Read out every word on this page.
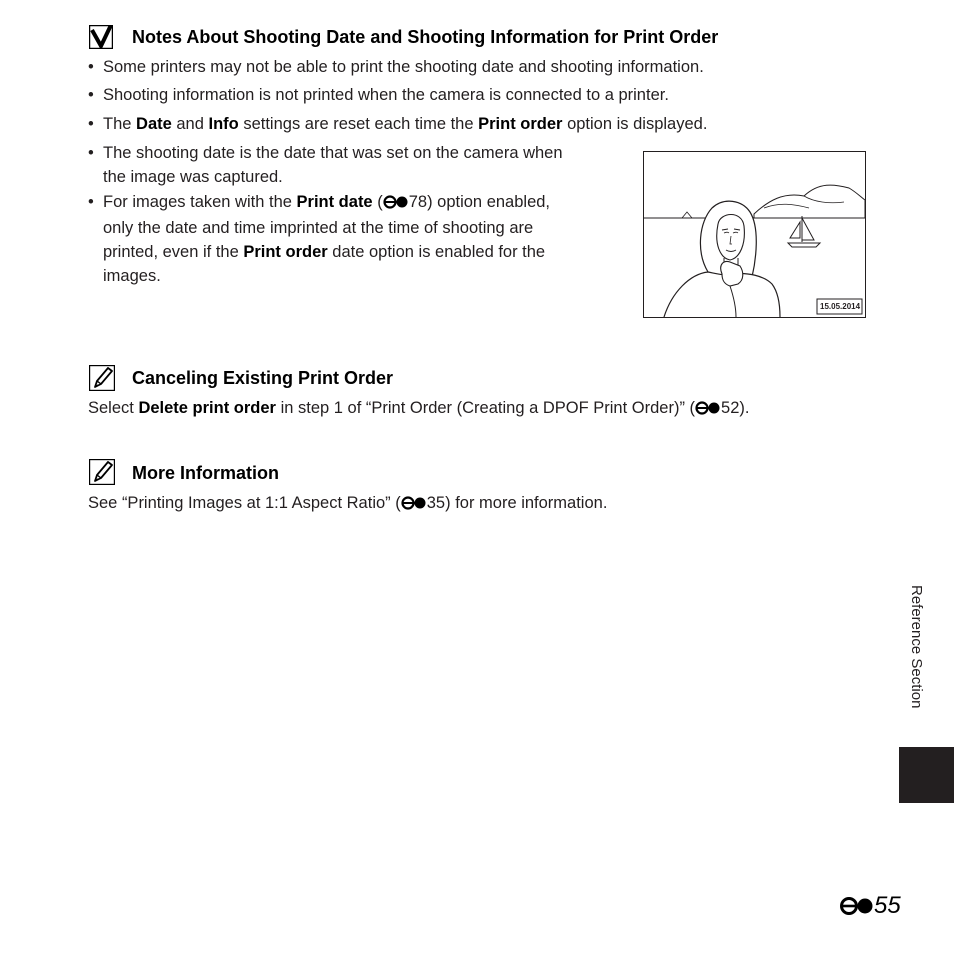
Notes About Shooting Date and Shooting Information for Print Order
• Some printers may not be able to print the shooting date and shooting information.
• Shooting information is not printed when the camera is connected to a printer.
• The Date and Info settings are reset each time the Print order option is displayed.
• The shooting date is the date that was set on the camera when
the image was captured.
• For images taken with the Print date ( 78) option enabled,
only the date and time imprinted at the time of shooting are
printed, even if the Print order date option is enabled for the
images.
15.05.2014
Canceling Existing Print Order
Select Delete print order in step 1 of “Print Order (Creating a DPOF Print Order)” ( 52).
More Information
See “Printing Images at 1:1 Aspect Ratio” ( 35) for more information.
Reference Section
55
